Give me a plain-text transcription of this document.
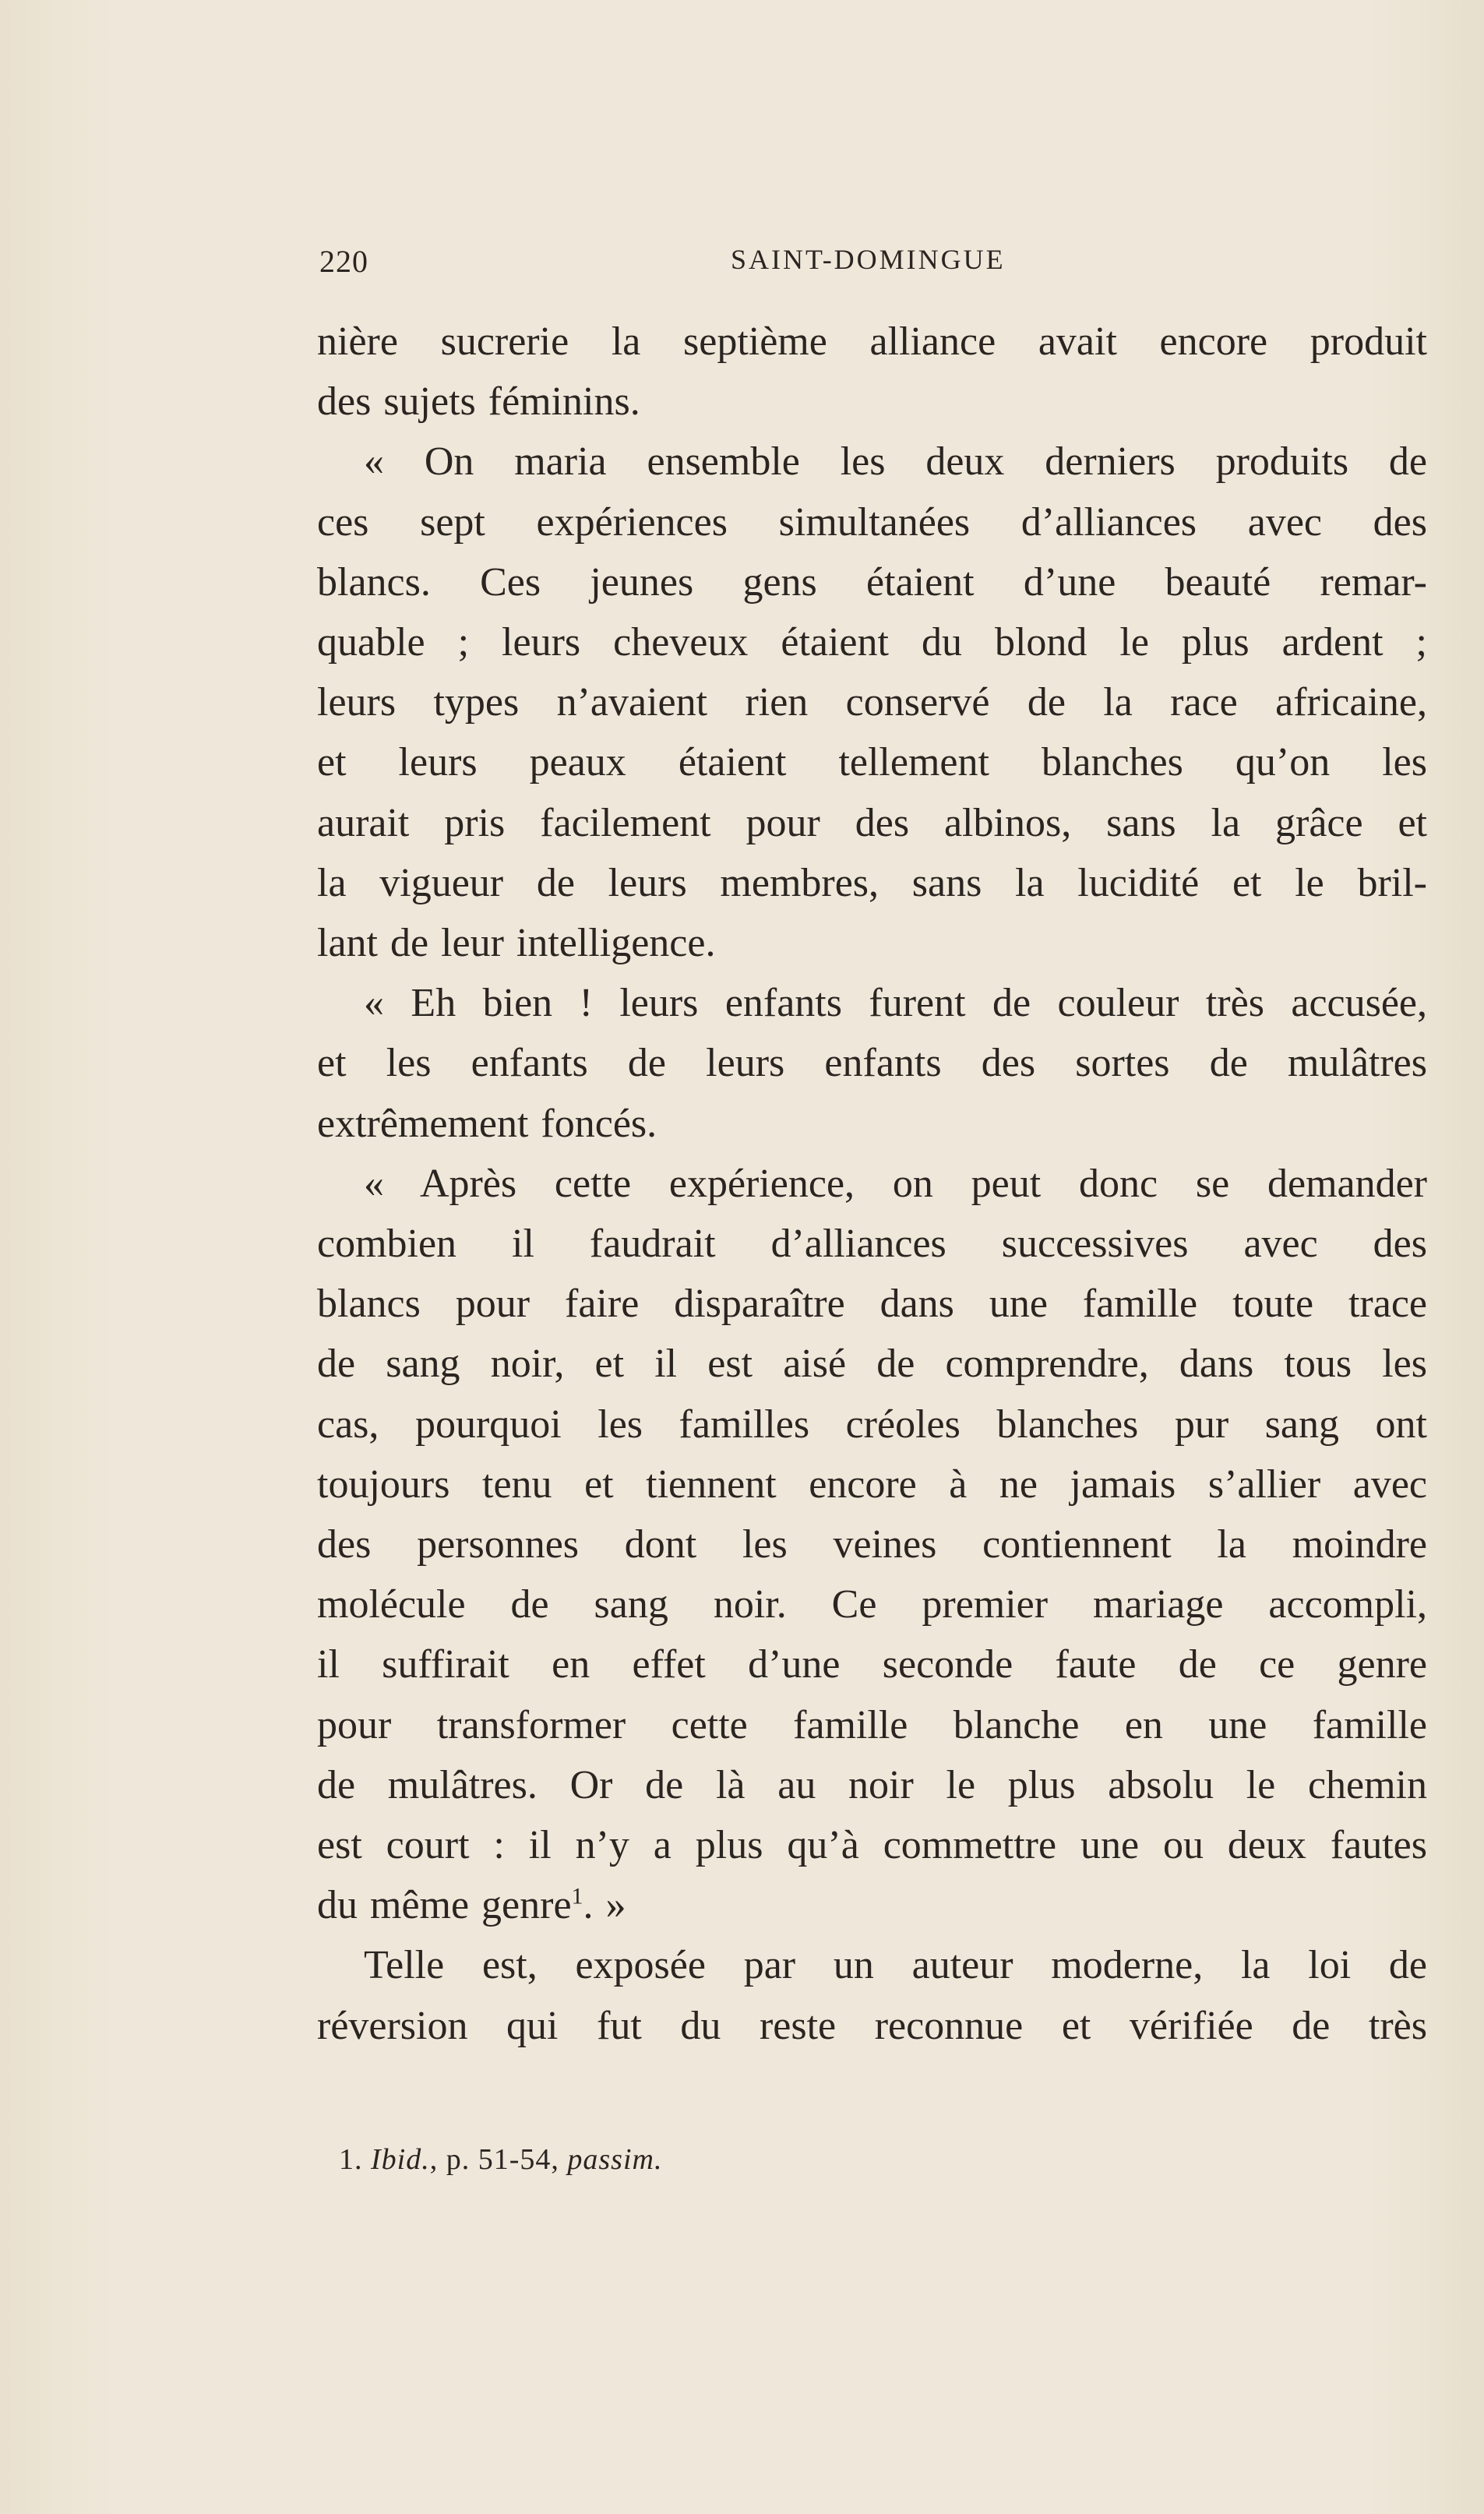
220	SAINT-DOMINGUE
nière sucrerie la septième alliance avait encore produit
des sujets féminins.
« On maria ensemble les deux derniers produits de
ces sept expériences simultanées d’alliances avec des
blancs. Ces jeunes gens étaient d’une beauté remar-
quable ; leurs cheveux étaient du blond le plus ardent ;
leurs types n’avaient rien conservé de la race africaine,
et leurs peaux étaient tellement blanches qu’on les
aurait pris facilement pour des albinos, sans la grâce et
la vigueur de leurs membres, sans la lucidité et le bril-
lant de leur intelligence.
« Eh bien ! leurs enfants furent de couleur très accusée,
et les enfants de leurs enfants des sortes de mulâtres
extrêmement foncés.
« Après cette expérience, on peut donc se demander
combien il faudrait d’alliances successives avec des
blancs pour faire disparaître dans une famille toute trace
de sang noir, et il est aisé de comprendre, dans tous les
cas, pourquoi les familles créoles blanches pur sang ont
toujours tenu et tiennent encore à ne jamais s’allier avec
des personnes dont les veines contiennent la moindre
molécule de sang noir. Ce premier mariage accompli,
il suffirait en effet d’une seconde faute de ce genre
pour transformer cette famille blanche en une famille
de mulâtres. Or de là au noir le plus absolu le chemin
est court : il n’y a plus qu’à commettre une ou deux fautes
du même genre$^1$. »
Telle est, exposée par un auteur moderne, la loi de
réversion qui fut du reste reconnue et vérifiée de très
1. Ibid., p. 51-54, passim.
